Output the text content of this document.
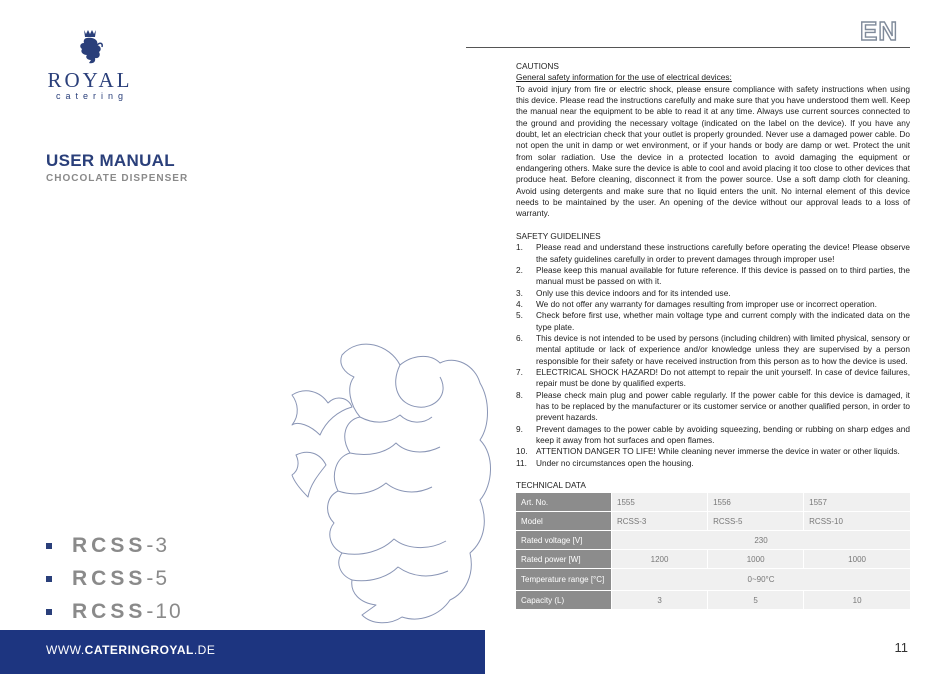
ROYAL
catering
USER MANUAL
CHOCOLATE DISPENSER
RCSS -3
RCSS -5
RCSS -10
WWW.CATERINGROYAL.DE	11
EN
CAUTIONS
General safety information for the use of electrical devices:
To avoid injury from fire or electric shock, please ensure compliance with safety instructions when using this device. Please read the instructions carefully and make sure that you have understood them well. Keep the manual near the equipment to be able to read it at any time. Always use current sources connected to the ground and providing the necessary voltage (indicated on the label on the device). If you have any doubt, let an electrician check that your outlet is properly grounded. Never use a damaged power cable. Do not open the unit in damp or wet environment, or if your hands or body are damp or wet. Protect the unit from solar radiation. Use the device in a protected location to avoid damaging the equipment or endangering others. Make sure the device is able to cool and avoid placing it too close to other devices that produce heat. Before cleaning, disconnect it from the power source. Use a soft damp cloth for cleaning. Avoid using detergents and make sure that no liquid enters the unit. No internal element of this device needs to be maintained by the user. An opening of the device without our approval leads to a loss of warranty.
SAFETY GUIDELINES
1.	Please read and understand these instructions carefully before operating the device! Please observe the safety guidelines carefully in order to prevent damages through improper use!
2.	Please keep this manual available for future reference. If this device is passed on to third parties, the manual must be passed on with it.
3.	Only use this device indoors and for its intended use.
4.	We do not offer any warranty for damages resulting from improper use or incorrect operation.
5.	Check before first use, whether main voltage type and current comply with the indicated data on the type plate.
6.	This device is not intended to be used by persons (including children) with limited physical, sensory or mental aptitude or lack of experience and/or knowledge unless they are supervised by a person responsible for their safety or have received instruction from this person as to how the device is used.
7.	ELECTRICAL SHOCK HAZARD! Do not attempt to repair the unit yourself. In case of device failures, repair must be done by qualified experts.
8.	Please check main plug and power cable regularly. If the power cable for this device is damaged, it has to be replaced by the manufacturer or its customer service or another qualified person, in order to prevent hazards.
9.	Prevent damages to the power cable by avoiding squeezing, bending or rubbing on sharp edges and keep it away from hot surfaces and open flames.
10.	ATTENTION DANGER TO LIFE! While cleaning never immerse the device in water or other liquids.
11.	Under no circumstances open the housing.
TECHNICAL DATA
Art. No.	1555	1556	1557
Model	RCSS-3	RCSS-5	RCSS-10
Rated voltage [V]	230		
Rated power [W]	1200	1000	1000
Temperature range [°C]	0~90°C		
Capacity (L)	3	5	10
